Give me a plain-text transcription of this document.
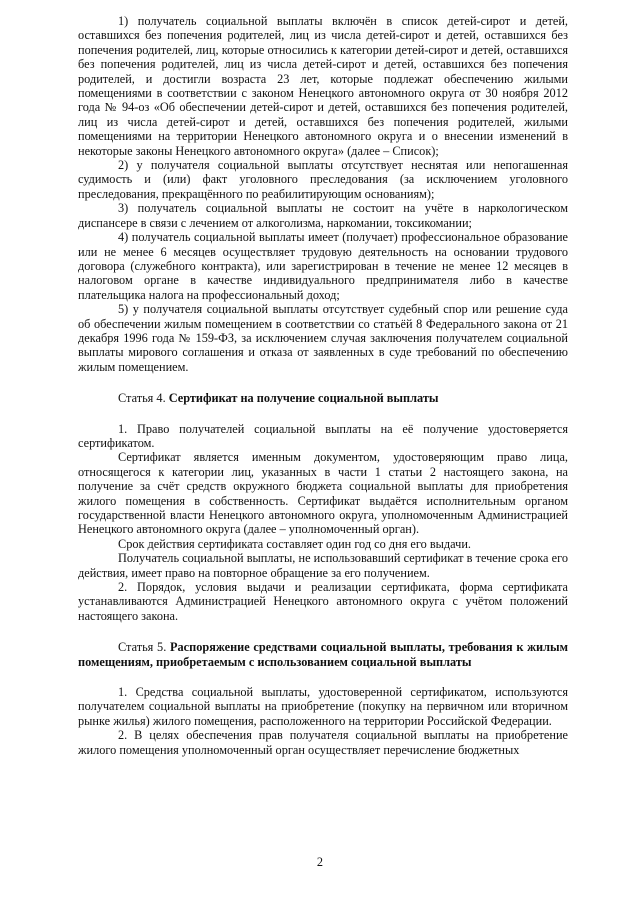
1) получатель социальной выплаты включён в список детей-сирот и детей, оставшихся без попечения родителей, лиц из числа детей-сирот и детей, оставшихся без попечения родителей, лиц, которые относились к категории детей-сирот и детей, оставшихся без попечения родителей, лиц из числа детей-сирот и детей, оставшихся без попечения родителей, и достигли возраста 23 лет, которые подлежат обеспечению жилыми помещениями в соответствии с законом Ненецкого автономного округа от 30 ноября 2012 года № 94-оз «Об обеспечении детей-сирот и детей, оставшихся без попечения родителей, лиц из числа детей-сирот и детей, оставшихся без попечения родителей, жилыми помещениями на территории Ненецкого автономного округа и о внесении изменений в некоторые законы Ненецкого автономного округа» (далее – Список);

2) у получателя социальной выплаты отсутствует неснятая или непогашенная судимость и (или) факт уголовного преследования (за исключением уголовного преследования, прекращённого по реабилитирующим основаниям);

3) получатель социальной выплаты не состоит на учёте в наркологическом диспансере в связи с лечением от алкоголизма, наркомании, токсикомании;

4) получатель социальной выплаты имеет (получает) профессиональное образование или не менее 6 месяцев осуществляет трудовую деятельность на основании трудового договора (служебного контракта), или зарегистрирован в течение не менее 12 месяцев в налоговом органе в качестве индивидуального предпринимателя либо в качестве плательщика налога на профессиональный доход;

5) у получателя социальной выплаты отсутствует судебный спор или решение суда об обеспечении жилым помещением в соответствии со статьёй 8 Федерального закона от 21 декабря 1996 года № 159-ФЗ, за исключением случая заключения получателем социальной выплаты мирового соглашения и отказа от заявленных в суде требований по обеспечению жилым помещением.

Статья 4. Сертификат на получение социальной выплаты

1. Право получателей социальной выплаты на её получение удостоверяется сертификатом.

Сертификат является именным документом, удостоверяющим право лица, относящегося к категории лиц, указанных в части 1 статьи 2 настоящего закона, на получение за счёт средств окружного бюджета социальной выплаты для приобретения жилого помещения в собственность. Сертификат выдаётся исполнительным органом государственной власти Ненецкого автономного округа, уполномоченным Администрацией Ненецкого автономного округа (далее – уполномоченный орган).

Срок действия сертификата составляет один год со дня его выдачи.

Получатель социальной выплаты, не использовавший сертификат в течение срока его действия, имеет право на повторное обращение за его получением.

2. Порядок, условия выдачи и реализации сертификата, форма сертификата устанавливаются Администрацией Ненецкого автономного округа с учётом положений настоящего закона.

Статья 5. Распоряжение средствами социальной выплаты, требования к жилым помещениям, приобретаемым с использованием социальной выплаты

1. Средства социальной выплаты, удостоверенной сертификатом, используются получателем социальной выплаты на приобретение (покупку на первичном или вторичном рынке жилья) жилого помещения, расположенного на территории Российской Федерации.

2. В целях обеспечения прав получателя социальной выплаты на приобретение жилого помещения уполномоченный орган осуществляет перечисление бюджетных

2
